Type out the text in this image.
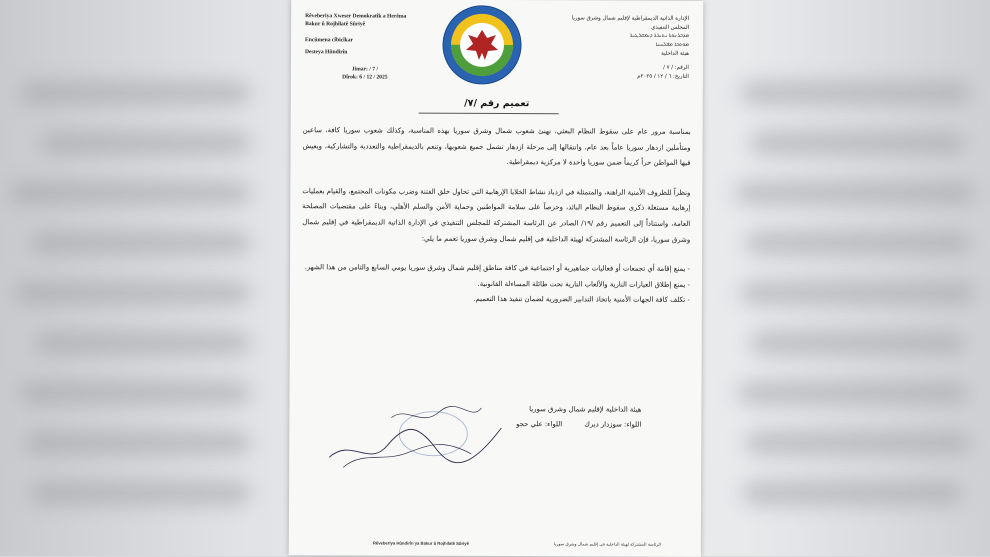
Rêveberiya Xweser Demokratîk a Herêma
Bakur û Rojhilatê Sûriyê
Encûmena cîbicîkar
Desteya Hûndirîn
Jimar: / 7 /
Dîrok: 6 / 12 / 2025
الإدارة الذاتية الديمقراطية لإقليم شمال وشرق سوريا
المجلس التنفيذي
ܡܕܒܪܢܘܬܐ ܝܬܝܪܬܐ ܕܝܡܩܪܛܝܬܐ
ܡܘܬܒܐ ܡܦܠܚܢܐ
هيئة الداخلية
الرقم: / ٧ /
التاريخ: ٦ / ١٢ / ٢٠٢٥م
تعميم رقم /٧/

بمناسبة مرور عام على سقوط النظام البعثي، نهنئ شعوب شمال وشرق سوريا بهذه المناسبة، وكذلك شعوب سوريا كافة، ساعين ومتأملين ازدهار سوريا عاماً بعد عام، وانتقالها إلى مرحلة ازدهار تشمل جميع شعوبها، وتنعم بالديمقراطية والتعددية والتشاركية، ويعيش فيها المواطن حراً كريماً ضمن سوريا واحدة لا مركزية ديمقراطية.

ونظراً للظروف الأمنية الراهنة، والمتمثلة في ازدياد نشاط الخلايا الإرهابية التي تحاول خلق الفتنة وضرب مكونات المجتمع، والقيام بعمليات إرهابية مستغلة ذكرى سقوط النظام البائد، وحرصاً على سلامة المواطنين وحماية الأمن والسلم الأهلي، وبناءً على مقتضيات المصلحة العامة، واستناداً إلى التعميم رقم /١٩/ الصادر عن الرئاسة المشتركة للمجلس التنفيذي في الإدارة الذاتية الديمقراطية في إقليم شمال وشرق سوريا، فإن الرئاسة المشتركة لهيئة الداخلية في إقليم شمال وشرق سوريا تعمم ما يلي:

- يمنع إقامة أي تجمعات أو فعاليات جماهيرية أو اجتماعية في كافة مناطق إقليم شمال وشرق سوريا يومي السابع والثامن من هذا الشهر.
- يمنع إطلاق العيارات النارية والألعاب النارية تحت طائلة المساءلة القانونية.
- تكلف كافة الجهات الأمنية باتخاذ التدابير الضرورية لضمان تنفيذ هذا التعميم.
هيئة الداخلية لإقليم شمال وشرق سوريا
اللواء: سوزدار ديرك
اللواء: علي حجو
Rêveberiya Hûndirîn ya Bakur û Rojhilatê Sûriyê	الرئاسة المشتركة لهيئة الداخلية في إقليم شمال وشرق سوريا
